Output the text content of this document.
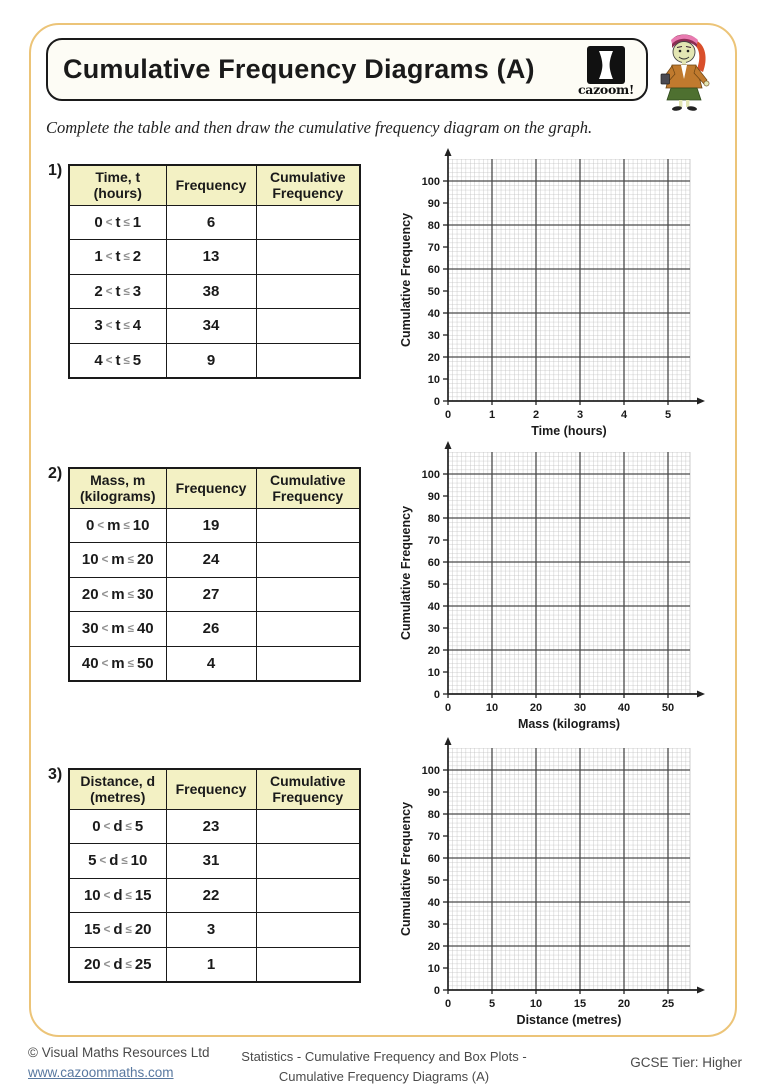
Cumulative Frequency Diagrams (A)
cazoom!
Complete the table and then draw the cumulative frequency diagram on the graph.
1)	Time, t
(hours)
	Frequency	
Cumulative
Frequency

0 < t ≤ 1	6	
1 < t ≤ 2	13	
2 < t ≤ 3	38	
3 < t ≤ 4	34	
4 < t ≤ 5	9	
0
10
20
30
40
50
60
70
80
90
100
0	1	2	3	4	5
Time (hours)
Cumulative Frequency
2)	Mass, m
(kilograms)
	Frequency	
Cumulative
Frequency

0 < m ≤ 10	19	
10 < m ≤ 20	24	
20 < m ≤ 30	27	
30 < m ≤ 40	26	
40 < m ≤ 50	4	
0
10
20
30
40
50
60
70
80
90
100
0	10	20	30	40	50
Mass (kilograms)
Cumulative Frequency
3)	Distance, d
(metres)
	Frequency	
Cumulative
Frequency

0 < d ≤ 5	23	
5 < d ≤ 10	31	
10 < d ≤ 15	22	
15 < d ≤ 20	3	
20 < d ≤ 25	1	
0
10
20
30
40
50
60
70
80
90
100
0	5	10	15	20	25
Distance (metres)
Cumulative Frequency
© Visual Maths Resources Ltd
www.cazoommaths.com
Statistics - Cumulative Frequency and Box Plots -
Cumulative Frequency Diagrams (A)
GCSE Tier: Higher
